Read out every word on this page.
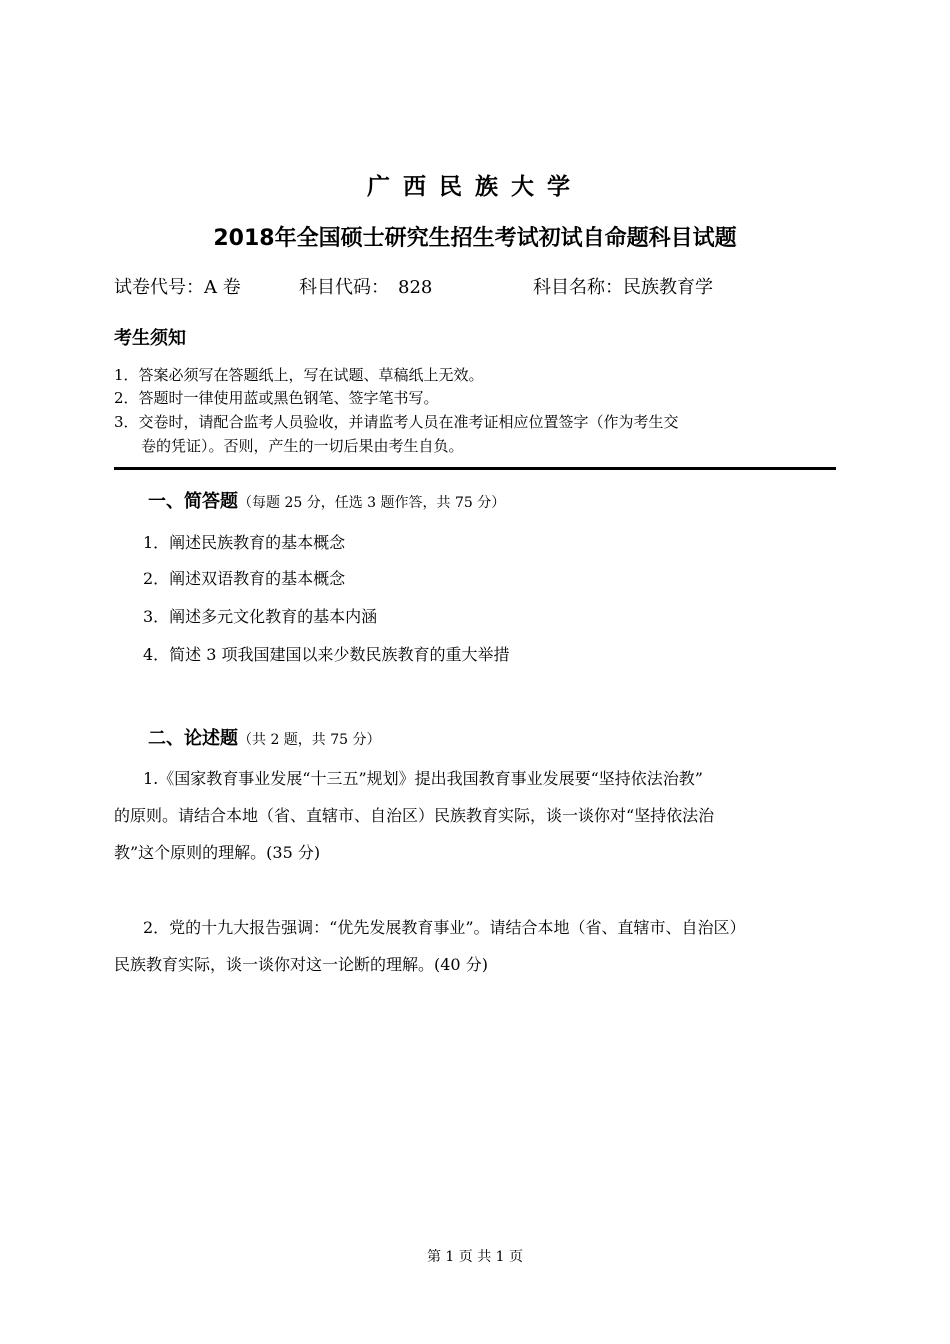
广西民族大学
2018年全国硕士研究生招生考试初试自命题科目试题
试卷代号：A 卷	科目代码：　828	科目名称：民族教育学
考生须知
1．答案必须写在答题纸上，写在试题、草稿纸上无效。
2．答题时一律使用蓝或黑色钢笔、签字笔书写。
3．交卷时，请配合监考人员验收，并请监考人员在准考证相应位置签字（作为考生交
卷的凭证）。否则，产生的一切后果由考生自负。
一、简答题（每题 25 分，任选 3 题作答，共 75 分）
1．阐述民族教育的基本概念
2．阐述双语教育的基本概念
3．阐述多元文化教育的基本内涵
4．简述 3 项我国建国以来少数民族教育的重大举措
二、论述题（共 2 题，共 75 分）
1.《国家教育事业发展“十三五”规划》提出我国教育事业发展要“坚持依法治教”
的原则。请结合本地（省、直辖市、自治区）民族教育实际，谈一谈你对“坚持依法治
教”这个原则的理解。(35 分)
2．党的十九大报告强调：“优先发展教育事业”。请结合本地（省、直辖市、自治区）
民族教育实际，谈一谈你对这一论断的理解。(40 分)
第 1 页 共 1 页
